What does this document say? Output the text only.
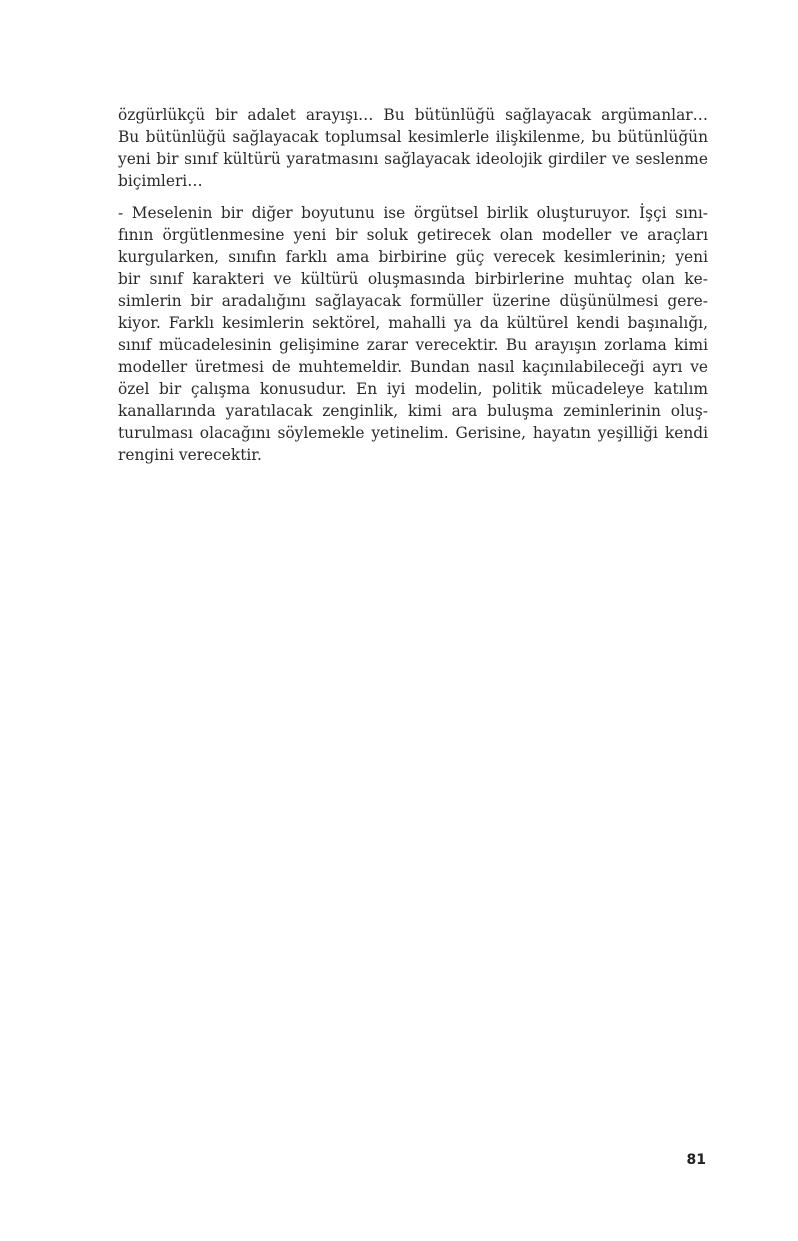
özgürlükçü bir adalet arayışı… Bu bütünlüğü sağlayacak argümanlar…
Bu bütünlüğü sağlayacak toplumsal kesimlerle ilişkilenme, bu bütünlüğün
yeni bir sınıf kültürü yaratmasını sağlayacak ideolojik girdiler ve seslenme
biçimleri…
- Meselenin bir diğer boyutunu ise örgütsel birlik oluşturuyor. İşçi sını-
fının örgütlenmesine yeni bir soluk getirecek olan modeller ve araçları
kurgularken, sınıfın farklı ama birbirine güç verecek kesimlerinin; yeni
bir sınıf karakteri ve kültürü oluşmasında birbirlerine muhtaç olan ke-
simlerin bir aradalığını sağlayacak formüller üzerine düşünülmesi gere-
kiyor. Farklı kesimlerin sektörel, mahalli ya da kültürel kendi başınalığı,
sınıf mücadelesinin gelişimine zarar verecektir. Bu arayışın zorlama kimi
modeller üretmesi de muhtemeldir. Bundan nasıl kaçınılabileceği ayrı ve
özel bir çalışma konusudur. En iyi modelin, politik mücadeleye katılım
kanallarında yaratılacak zenginlik, kimi ara buluşma zeminlerinin oluş-
turulması olacağını söylemekle yetinelim. Gerisine, hayatın yeşilliği kendi
rengini verecektir.
81
